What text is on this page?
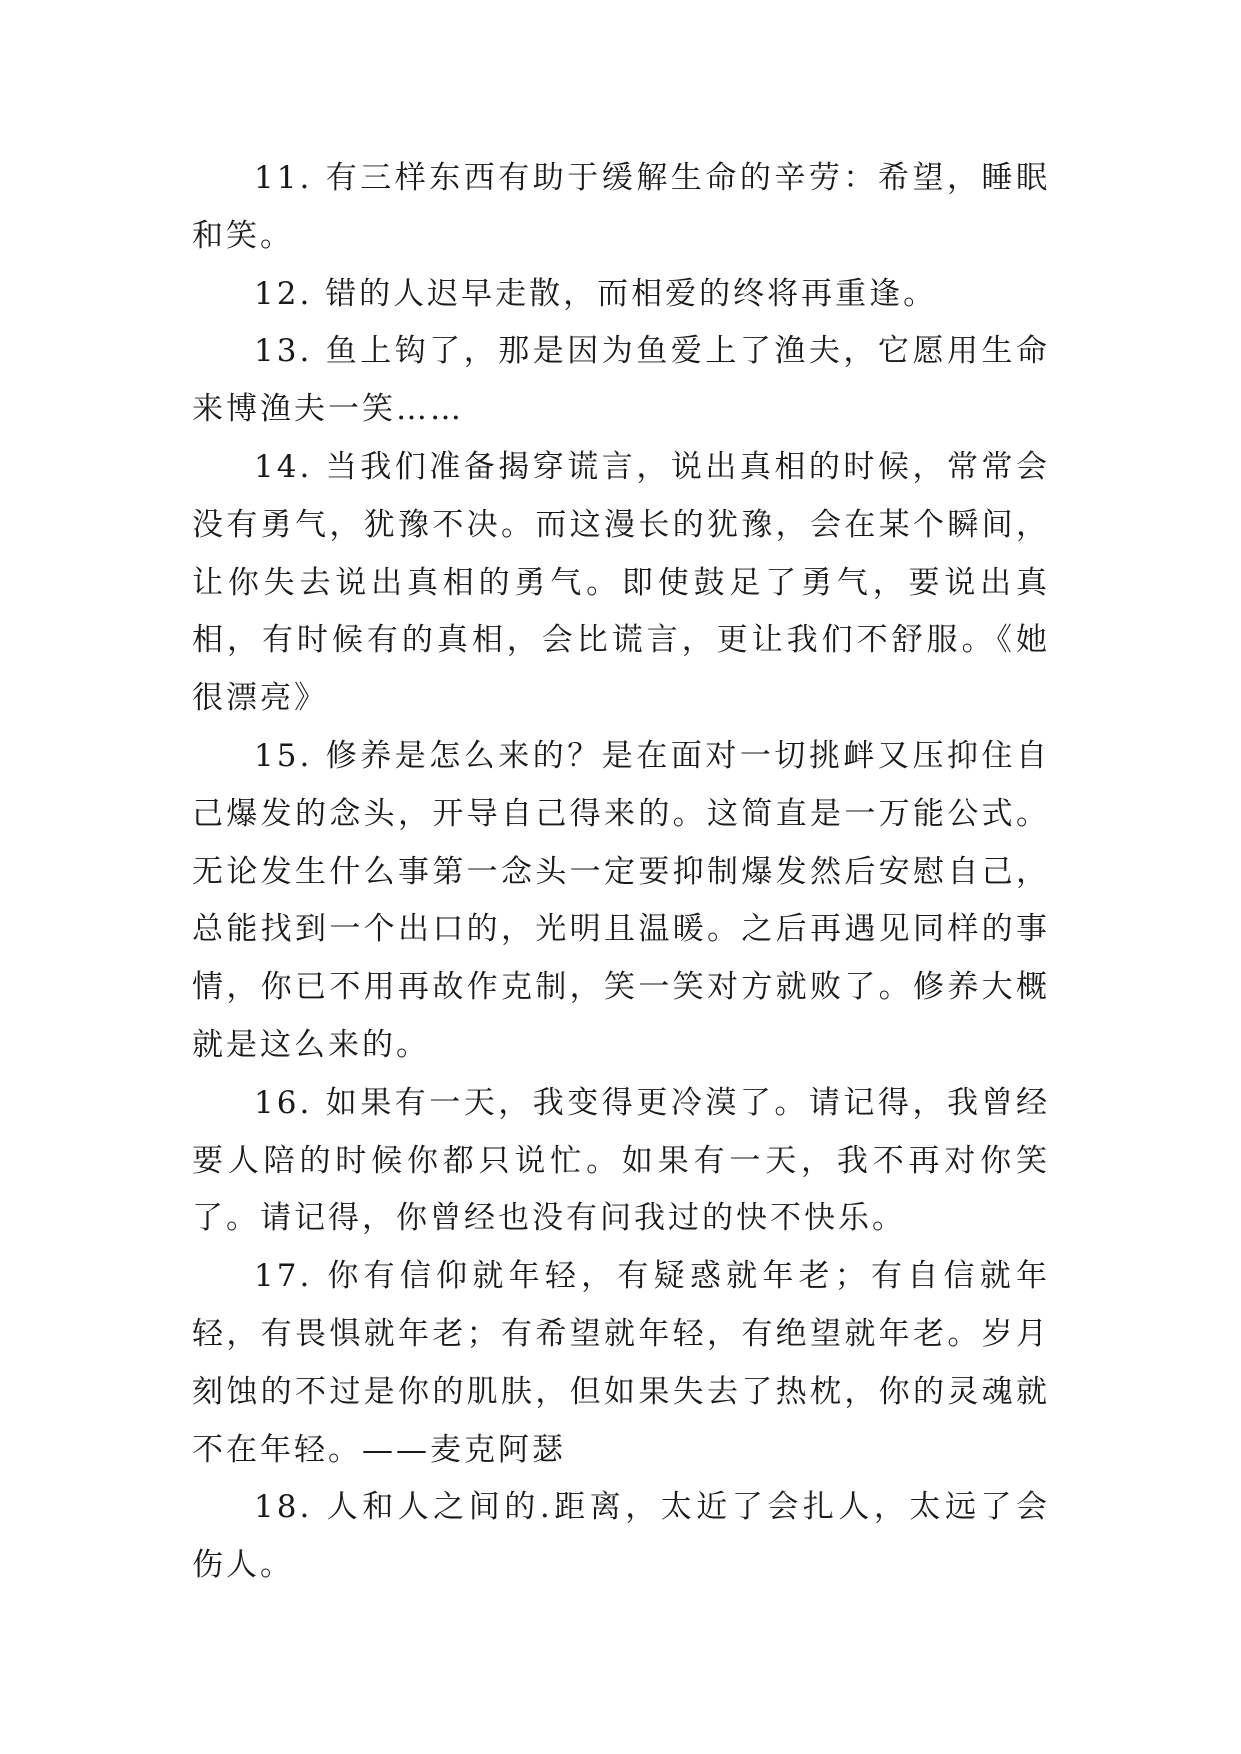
11. 有三样东西有助于缓解生命的辛劳：希望，睡眠和笑。

12. 错的人迟早走散，而相爱的终将再重逢。

13. 鱼上钩了，那是因为鱼爱上了渔夫，它愿用生命来博渔夫一笑……

14. 当我们准备揭穿谎言，说出真相的时候，常常会没有勇气，犹豫不决。而这漫长的犹豫，会在某个瞬间，让你失去说出真相的勇气。即使鼓足了勇气，要说出真相，有时候有的真相，会比谎言，更让我们不舒服。《她很漂亮》

15. 修养是怎么来的？是在面对一切挑衅又压抑住自己爆发的念头，开导自己得来的。这简直是一万能公式。无论发生什么事第一念头一定要抑制爆发然后安慰自己，总能找到一个出口的，光明且温暖。之后再遇见同样的事情，你已不用再故作克制，笑一笑对方就败了。修养大概就是这么来的。

16. 如果有一天，我变得更冷漠了。请记得，我曾经要人陪的时候你都只说忙。如果有一天，我不再对你笑了。请记得，你曾经也没有问我过的快不快乐。

17. 你有信仰就年轻，有疑惑就年老；有自信就年轻，有畏惧就年老；有希望就年轻，有绝望就年老。岁月刻蚀的不过是你的肌肤，但如果失去了热枕，你的灵魂就不在年轻。——麦克阿瑟

18. 人和人之间的.距离，太近了会扎人，太远了会伤人。
